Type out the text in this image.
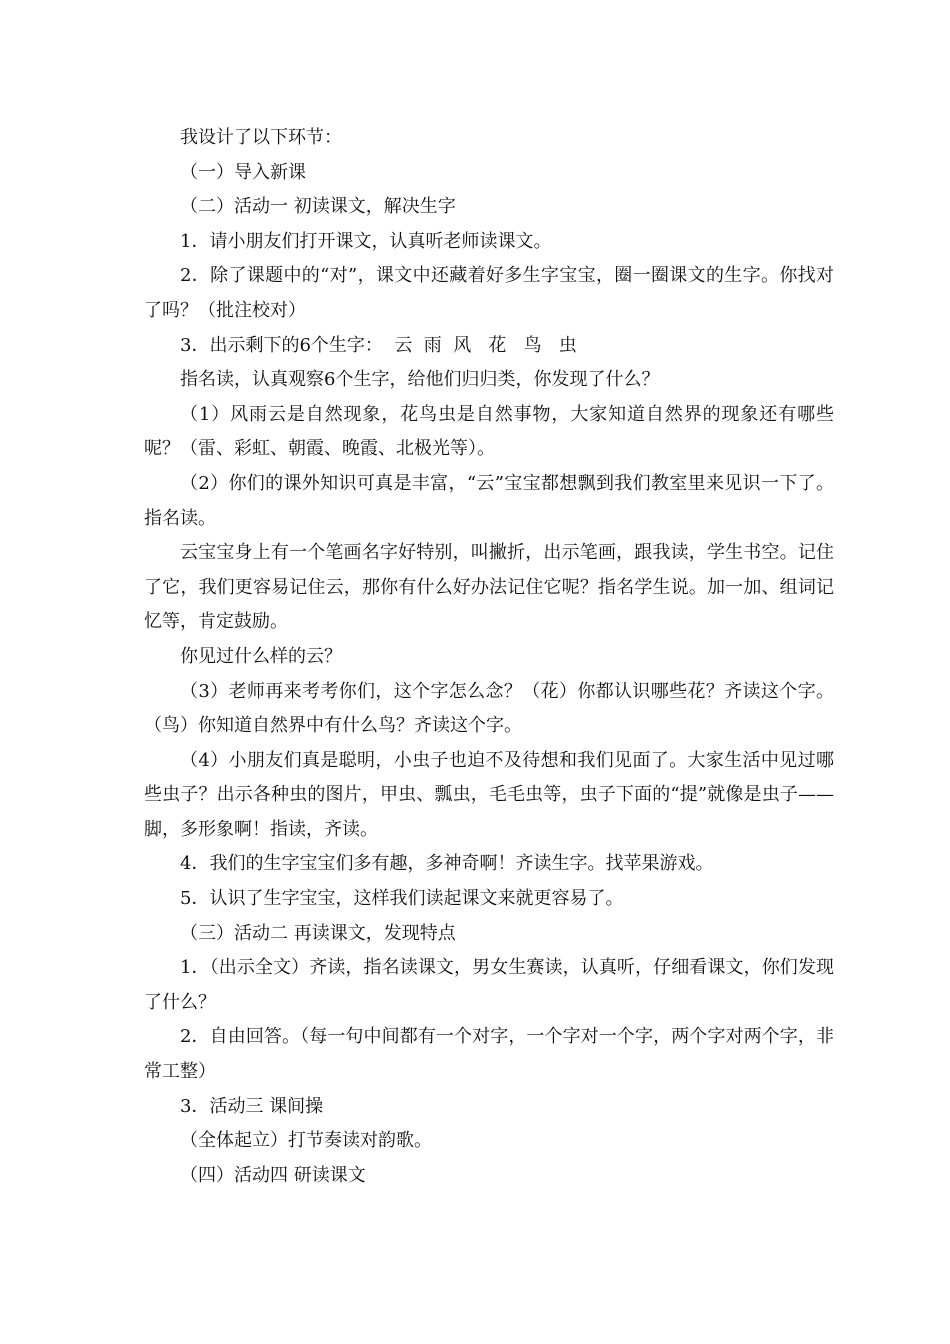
我设计了以下环节：

（一）导入新课

（二）活动一 初读课文，解决生字

1．请小朋友们打开课文，认真听老师读课文。

2．除了课题中的“对”，课文中还藏着好多生字宝宝，圈一圈课文的生字。你找对了吗？（批注校对）

3．出示剩下的6个生字：  云  雨  风   花   鸟   虫

指名读，认真观察6个生字，给他们归归类，你发现了什么？

（1）风雨云是自然现象，花鸟虫是自然事物，大家知道自然界的现象还有哪些呢？（雷、彩虹、朝霞、晚霞、北极光等）。

（2）你们的课外知识可真是丰富，“云”宝宝都想飘到我们教室里来见识一下了。指名读。

云宝宝身上有一个笔画名字好特别，叫撇折，出示笔画，跟我读，学生书空。记住了它，我们更容易记住云，那你有什么好办法记住它呢？指名学生说。加一加、组词记忆等，肯定鼓励。

你见过什么样的云？

（3）老师再来考考你们，这个字怎么念？（花）你都认识哪些花？齐读这个字。（鸟）你知道自然界中有什么鸟？齐读这个字。

（4）小朋友们真是聪明，小虫子也迫不及待想和我们见面了。大家生活中见过哪些虫子？出示各种虫的图片，甲虫、瓢虫，毛毛虫等，虫子下面的“提”就像是虫子——脚，多形象啊！指读，齐读。

4．我们的生字宝宝们多有趣，多神奇啊！齐读生字。找苹果游戏。

5．认识了生字宝宝，这样我们读起课文来就更容易了。

（三）活动二 再读课文，发现特点

1．（出示全文）齐读，指名读课文，男女生赛读，认真听，仔细看课文，你们发现了什么？

2．自由回答。（每一句中间都有一个对字，一个字对一个字，两个字对两个字，非常工整）

3．活动三 课间操

（全体起立）打节奏读对韵歌。

（四）活动四 研读课文
